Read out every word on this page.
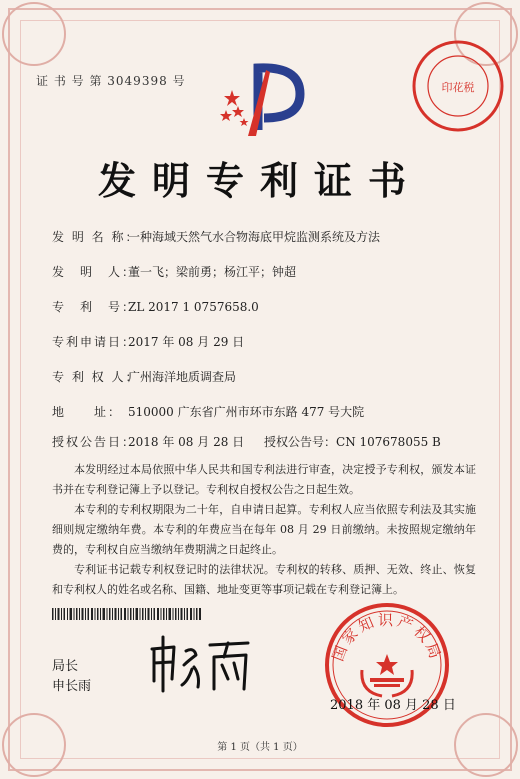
证 书 号 第 3049398 号	印花税
发明专利证书
发 明 名 称：一种海域天然气水合物海底甲烷监测系统及方法
发　明　人：董一飞；梁前勇；杨江平；钟超
专　利　号：ZL 2017 1 0757658.0
专利申请日：2017 年 08 月 29 日
专 利 权 人：广州海洋地质调查局
地　　址： 510000 广东省广州市环市东路 477 号大院
授权公告日：2018 年 08 月 28 日 授权公告号：CN 107678055 B
本发明经过本局依照中华人民共和国专利法进行审查，决定授予专利权，颁发本证书并在专利登记簿上予以登记。专利权自授权公告之日起生效。
本专利的专利权期限为二十年，自申请日起算。专利权人应当依照专利法及其实施细则规定缴纳年费。本专利的年费应当在每年 08 月 29 日前缴纳。未按照规定缴纳年费的，专利权自应当缴纳年费期满之日起终止。
专利证书记载专利权登记时的法律状况。专利权的转移、质押、无效、终止、恢复和专利权人的姓名或名称、国籍、地址变更等事项记载在专利登记簿上。
局长
申长雨
国家知识产权局
2018 年 08 月 28 日
第 1 页（共 1 页）
